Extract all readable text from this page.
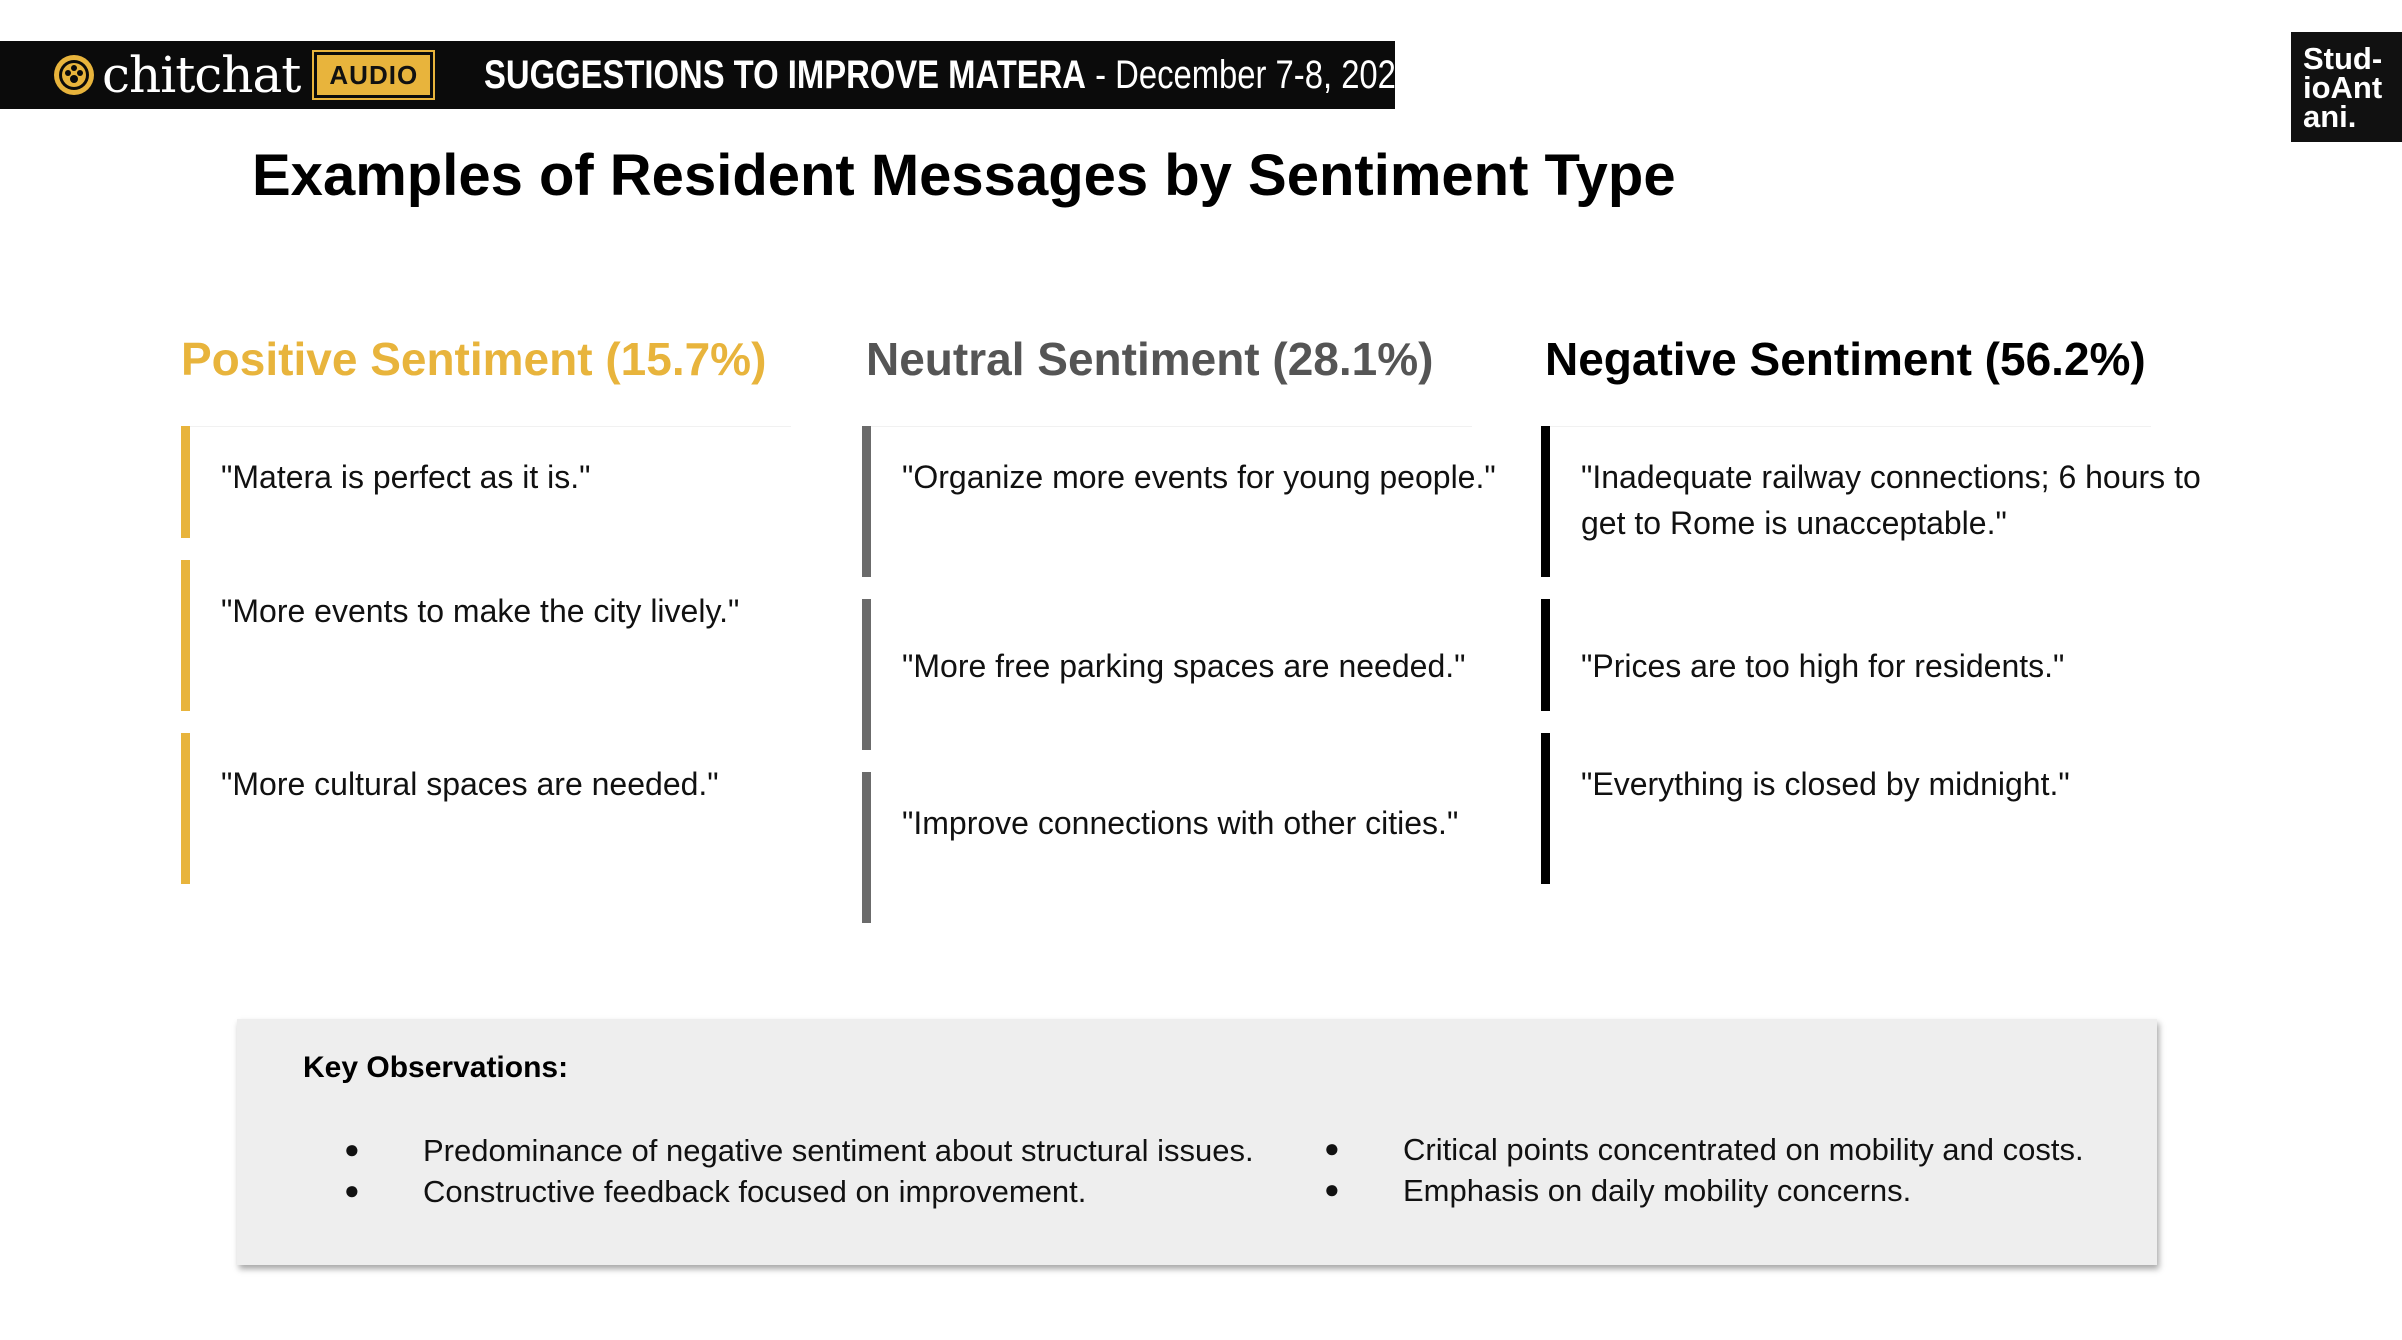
chitchat	AUDIO	SUGGESTIONS TO IMPROVE MATERA - December 7-8, 2024	Stud-
ioAnt
ani.
Examples of Resident Messages by Sentiment Type
Positive Sentiment (15.7%)
"Matera is perfect as it is."
"More events to make the city lively."
"More cultural spaces are needed."
Neutral Sentiment (28.1%)
"Organize more events for young people."
"More free parking spaces are needed."
"Improve connections with other cities."
Negative Sentiment (56.2%)
"Inadequate railway connections; 6 hours to get to Rome is unacceptable."
"Prices are too high for residents."
"Everything is closed by midnight."
Key Observations:
● Predominance of negative sentiment about structural issues.
● Constructive feedback focused on improvement.
● Critical points concentrated on mobility and costs.
● Emphasis on daily mobility concerns.
